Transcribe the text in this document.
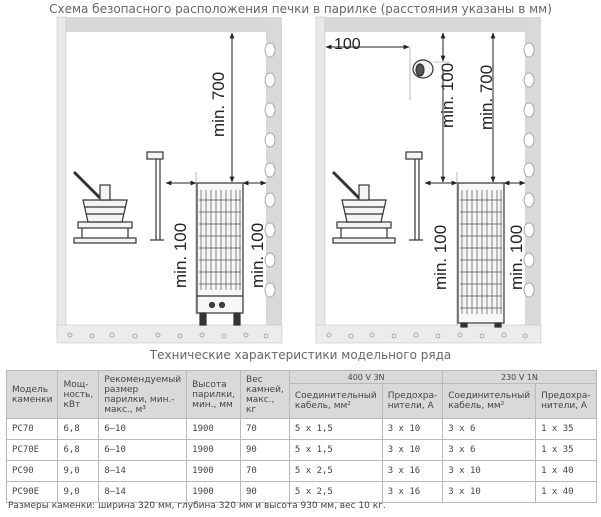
Схема безопасного расположения печки в парилке (расстояния указаны в мм)
min. 700
min. 100	min. 100
100
min. 100 min. 700
min. 100	min. 100
Технические характеристики модельного ряда
Модель каменки	Мощ-ность, кВт	Рекомендуемый размер парилки, мин.-макс., м³	Высота парилки, мин., мм	Вес камней, макс., кг	400 V 3N		230 V 1N	
					Соединительный кабель, мм²	Предохра-нители, А	Соединительный кабель, мм²	Предохра-нители, А
PC70	6,8	6–10	1900	70	5 x 1,5	3 x 10	3 x 6	1 x 35
PC70E	6,8	6–10	1900	90	5 x 1,5	3 x 10	3 x 6	1 x 35
PC90	9,0	8–14	1900	70	5 x 2,5	3 x 16	3 x 10	1 x 40
PC90E	9,0	8–14	1900	90	5 x 2,5	3 x 16	3 x 10	1 x 40
Размеры каменки: ширина 320 мм, глубина 320 мм и высота 930 мм, вес 10 кг.
